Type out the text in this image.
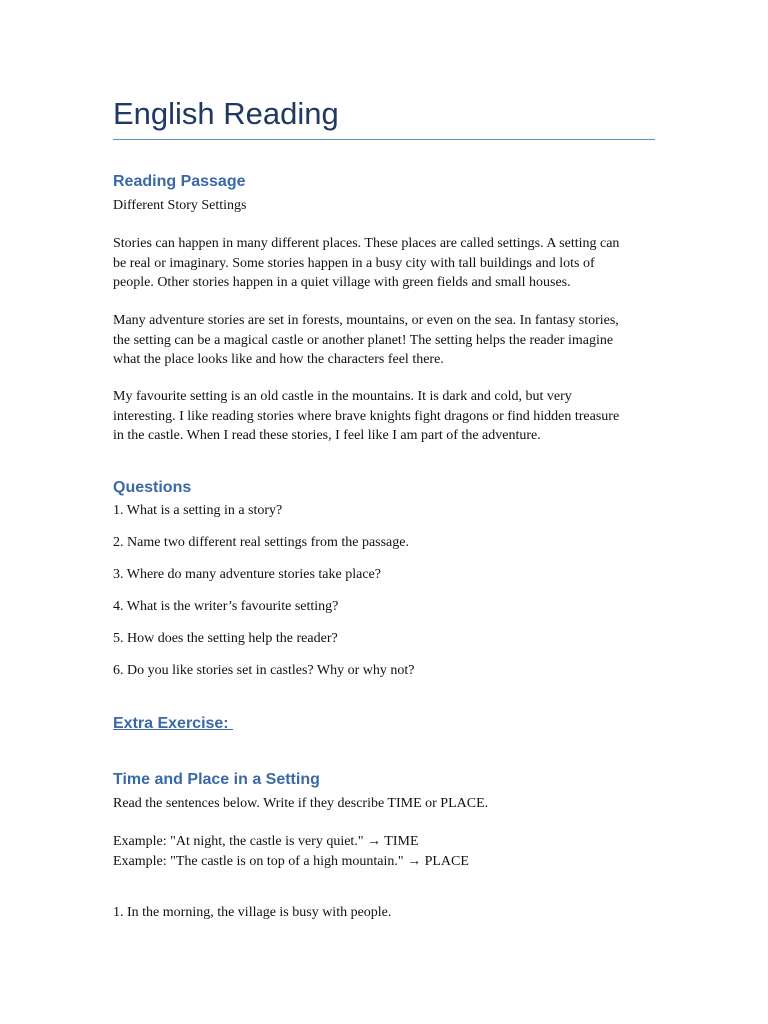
English Reading
Reading Passage
Different Story Settings
Stories can happen in many different places. These places are called settings. A setting can
be real or imaginary. Some stories happen in a busy city with tall buildings and lots of
people. Other stories happen in a quiet village with green fields and small houses.
Many adventure stories are set in forests, mountains, or even on the sea. In fantasy stories,
the setting can be a magical castle or another planet! The setting helps the reader imagine
what the place looks like and how the characters feel there.
My favourite setting is an old castle in the mountains. It is dark and cold, but very
interesting. I like reading stories where brave knights fight dragons or find hidden treasure
in the castle. When I read these stories, I feel like I am part of the adventure.
Questions
1. What is a setting in a story?
2. Name two different real settings from the passage.
3. Where do many adventure stories take place?
4. What is the writer’s favourite setting?
5. How does the setting help the reader?
6. Do you like stories set in castles? Why or why not?
Extra Exercise:
Time and Place in a Setting
Read the sentences below. Write if they describe TIME or PLACE.
Example: "At night, the castle is very quiet." → TIME
Example: "The castle is on top of a high mountain." → PLACE
1. In the morning, the village is busy with people.
